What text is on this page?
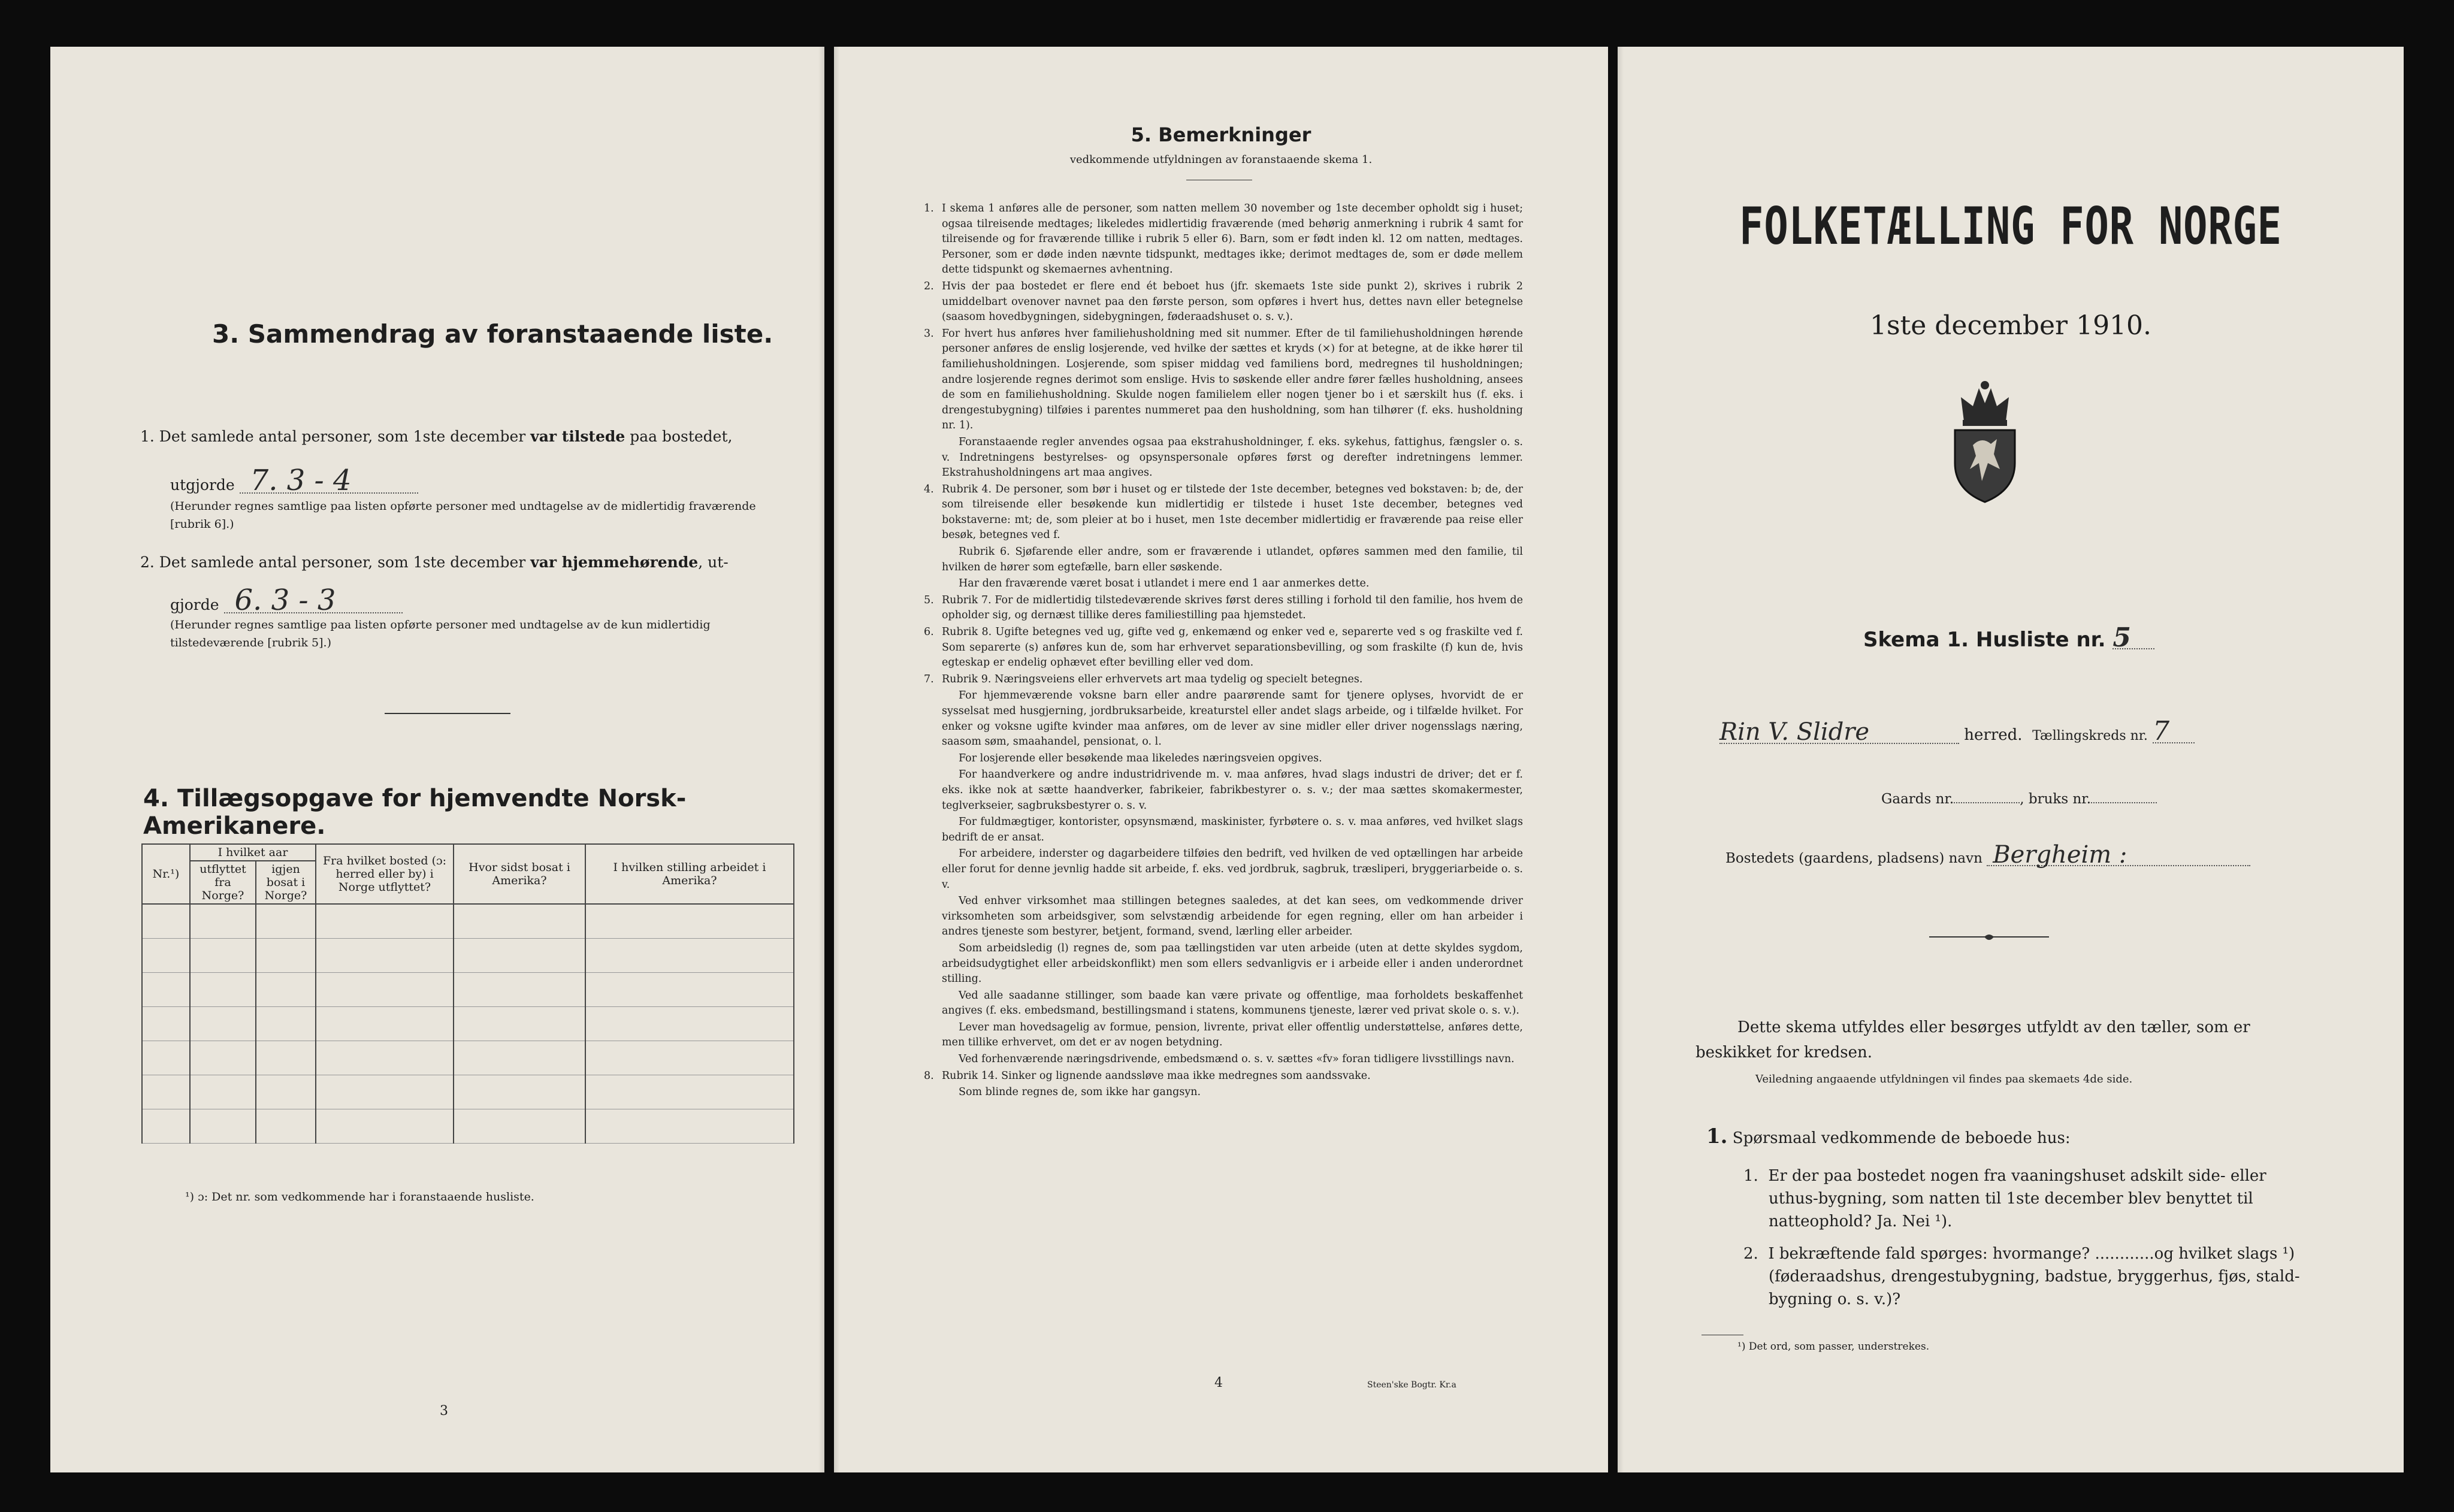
3. Sammendrag av foranstaaende liste.
1. Det samlede antal personer, som 1ste december var tilstede paa bostedet,
utgjorde 7. 3 - 4
(Herunder regnes samtlige paa listen opførte personer med undtagelse av de midlertidig fraværende [rubrik 6].)
2. Det samlede antal personer, som 1ste december var hjemmehørende, ut-
gjorde 6. 3 - 3
(Herunder regnes samtlige paa listen opførte personer med undtagelse av de kun midlertidig tilstedeværende [rubrik 5].)
4. Tillægsopgave for hjemvendte Norsk-Amerikanere.
Nr.¹)	I hvilket aar		Fra hvilket bosted (ɔ: herred eller by) i Norge utflyttet?	Hvor sidst bosat i Amerika?	I hvilken stilling arbeidet i Amerika?
	utflyttet fra Norge?	igjen bosat i Norge?			

¹) ɔ: Det nr. som vedkommende har i foranstaaende husliste.
3
5. Bemerkninger
vedkommende utfyldningen av foranstaaende skema 1.
1. I skema 1 anføres alle de personer, som natten mellem 30 november og 1ste december opholdt sig i huset; ogsaa tilreisende medtages; likeledes midlertidig fraværende (med behørig anmerkning i rubrik 4 samt for tilreisende og for fraværende tillike i rubrik 5 eller 6). Barn, som er født inden kl. 12 om natten, medtages. Personer, som er døde inden nævnte tidspunkt, medtages ikke; derimot medtages de, som er døde mellem dette tidspunkt og skemaernes avhentning.
2. Hvis der paa bostedet er flere end ét beboet hus (jfr. skemaets 1ste side punkt 2), skrives i rubrik 2 umiddelbart ovenover navnet paa den første person, som opføres i hvert hus, dettes navn eller betegnelse (saasom hovedbygningen, sidebygningen, føderaadshuset o. s. v.).
3. For hvert hus anføres hver familiehusholdning med sit nummer. Efter de til familiehusholdningen hørende personer anføres de enslig losjerende, ved hvilke der sættes et kryds (×) for at betegne, at de ikke hører til familiehusholdningen. Losjerende, som spiser middag ved familiens bord, medregnes til husholdningen; andre losjerende regnes derimot som enslige. Hvis to søskende eller andre fører fælles husholdning, ansees de som en familiehusholdning. Skulde nogen familielem eller nogen tjener bo i et særskilt hus (f. eks. i drengestubygning) tilføies i parentes nummeret paa den husholdning, som han tilhører (f. eks. husholdning nr. 1).
Foranstaaende regler anvendes ogsaa paa ekstrahusholdninger, f. eks. sykehus, fattighus, fængsler o. s. v. Indretningens bestyrelses- og opsynspersonale opføres først og derefter indretningens lemmer. Ekstrahusholdningens art maa angives.
4. Rubrik 4. De personer, som bør i huset og er tilstede der 1ste december, betegnes ved bokstaven: b; de, der som tilreisende eller besøkende kun midlertidig er tilstede i huset 1ste december, betegnes ved bokstaverne: mt; de, som pleier at bo i huset, men 1ste december midlertidig er fraværende paa reise eller besøk, betegnes ved f.
Rubrik 6. Sjøfarende eller andre, som er fraværende i utlandet, opføres sammen med den familie, til hvilken de hører som egtefælle, barn eller søskende.
Har den fraværende været bosat i utlandet i mere end 1 aar anmerkes dette.
5. Rubrik 7. For de midlertidig tilstedeværende skrives først deres stilling i forhold til den familie, hos hvem de opholder sig, og dernæst tillike deres familiestilling paa hjemstedet.
6. Rubrik 8. Ugifte betegnes ved ug, gifte ved g, enkemænd og enker ved e, separerte ved s og fraskilte ved f. Som separerte (s) anføres kun de, som har erhvervet separationsbevilling, og som fraskilte (f) kun de, hvis egteskap er endelig ophævet efter bevilling eller ved dom.
7. Rubrik 9. Næringsveiens eller erhvervets art maa tydelig og specielt betegnes.
For hjemmeværende voksne barn eller andre paarørende samt for tjenere oplyses, hvorvidt de er sysselsat med husgjerning, jordbruksarbeide, kreaturstel eller andet slags arbeide, og i tilfælde hvilket. For enker og voksne ugifte kvinder maa anføres, om de lever av sine midler eller driver nogensslags næring, saasom søm, smaahandel, pensionat, o. l.
For losjerende eller besøkende maa likeledes næringsveien opgives.
For haandverkere og andre industridrivende m. v. maa anføres, hvad slags industri de driver; det er f. eks. ikke nok at sætte haandverker, fabrikeier, fabrikbestyrer o. s. v.; der maa sættes skomakermester, teglverkseier, sagbruksbestyrer o. s. v.
For fuldmægtiger, kontorister, opsynsmænd, maskinister, fyrbøtere o. s. v. maa anføres, ved hvilket slags bedrift de er ansat.
For arbeidere, inderster og dagarbeidere tilføies den bedrift, ved hvilken de ved optællingen har arbeide eller forut for denne jevnlig hadde sit arbeide, f. eks. ved jordbruk, sagbruk, træsliperi, bryggeriarbeide o. s. v.
Ved enhver virksomhet maa stillingen betegnes saaledes, at det kan sees, om vedkommende driver virksomheten som arbeidsgiver, som selvstændig arbeidende for egen regning, eller om han arbeider i andres tjeneste som bestyrer, betjent, formand, svend, lærling eller arbeider.
Som arbeidsledig (l) regnes de, som paa tællingstiden var uten arbeide (uten at dette skyldes sygdom, arbeidsudygtighet eller arbeidskonflikt) men som ellers sedvanligvis er i arbeide eller i anden underordnet stilling.
Ved alle saadanne stillinger, som baade kan være private og offentlige, maa forholdets beskaffenhet angives (f. eks. embedsmand, bestillingsmand i statens, kommunens tjeneste, lærer ved privat skole o. s. v.).
Lever man hovedsagelig av formue, pension, livrente, privat eller offentlig understøttelse, anføres dette, men tillike erhvervet, om det er av nogen betydning.
Ved forhenværende næringsdrivende, embedsmænd o. s. v. sættes «fv» foran tidligere livsstillings navn.
8. Rubrik 14. Sinker og lignende aandssløve maa ikke medregnes som aandssvake.
Som blinde regnes de, som ikke har gangsyn.
4	Steen'ske Bogtr. Kr.a
FOLKETÆLLING FOR NORGE
1ste december 1910.
Skema 1. Husliste nr. 5
Rin V. Slidre	herred. Tællingskreds nr. 7
Gaards nr.	, bruks nr.
Bostedets (gaardens, pladsens) navn Bergheim :
Dette skema utfyldes eller besørges utfyldt av den tæller, som er
beskikket for kredsen.
Veiledning angaaende utfyldningen vil findes paa skemaets 4de side.
1. Spørsmaal vedkommende de beboede hus:
1. Er der paa bostedet nogen fra vaaningshuset adskilt side- eller
uthus-bygning, som natten til 1ste december blev benyttet til
natteophold? Ja. Nei ¹).
2. I bekræftende fald spørges: hvormange? ............og hvilket slags ¹)
(føderaadshus, drengestubygning, badstue, bryggerhus, fjøs, stald-
bygning o. s. v.)?
¹) Det ord, som passer, understrekes.
